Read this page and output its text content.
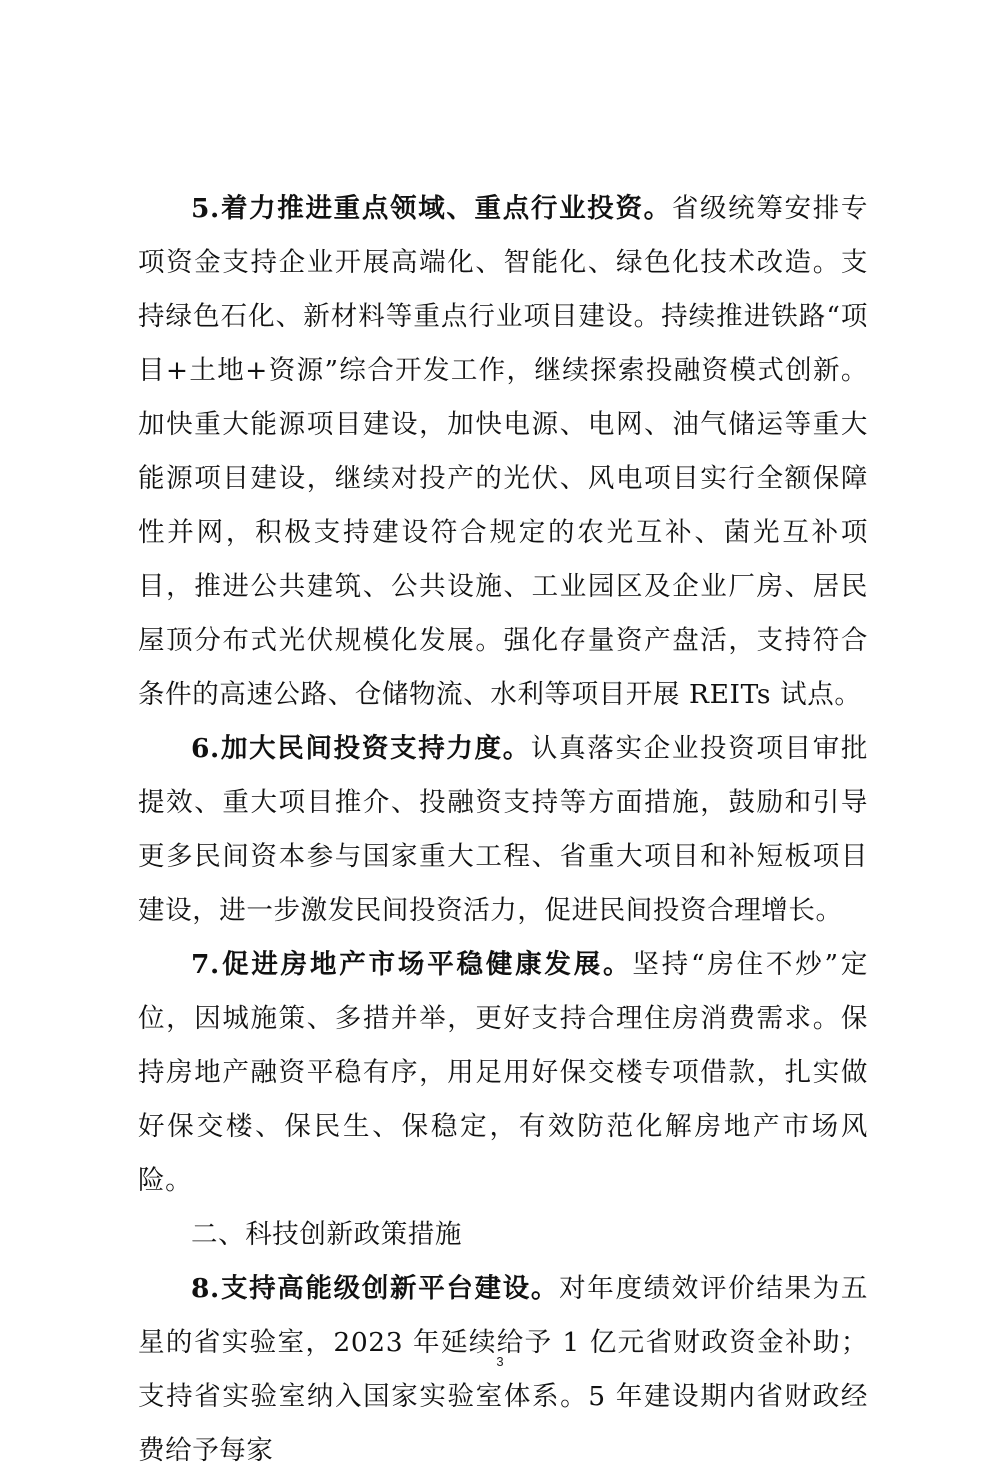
5.着力推进重点领域、重点行业投资。省级统筹安排专项资金支持企业开展高端化、智能化、绿色化技术改造。支持绿色石化、新材料等重点行业项目建设。持续推进铁路“项目+土地+资源”综合开发工作，继续探索投融资模式创新。加快重大能源项目建设，加快电源、电网、油气储运等重大能源项目建设，继续对投产的光伏、风电项目实行全额保障性并网，积极支持建设符合规定的农光互补、菌光互补项目，推进公共建筑、公共设施、工业园区及企业厂房、居民屋顶分布式光伏规模化发展。强化存量资产盘活，支持符合条件的高速公路、仓储物流、水利等项目开展 REITs 试点。

6.加大民间投资支持力度。认真落实企业投资项目审批提效、重大项目推介、投融资支持等方面措施，鼓励和引导更多民间资本参与国家重大工程、省重大项目和补短板项目建设，进一步激发民间投资活力，促进民间投资合理增长。

7.促进房地产市场平稳健康发展。坚持“房住不炒”定位，因城施策、多措并举，更好支持合理住房消费需求。保持房地产融资平稳有序，用足用好保交楼专项借款，扎实做好保交楼、保民生、保稳定，有效防范化解房地产市场风险。

二、科技创新政策措施

8.支持高能级创新平台建设。对年度绩效评价结果为五星的省实验室，2023 年延续给予 1 亿元省财政资金补助；支持省实验室纳入国家实验室体系。5 年建设期内省财政经费给予每家

3
